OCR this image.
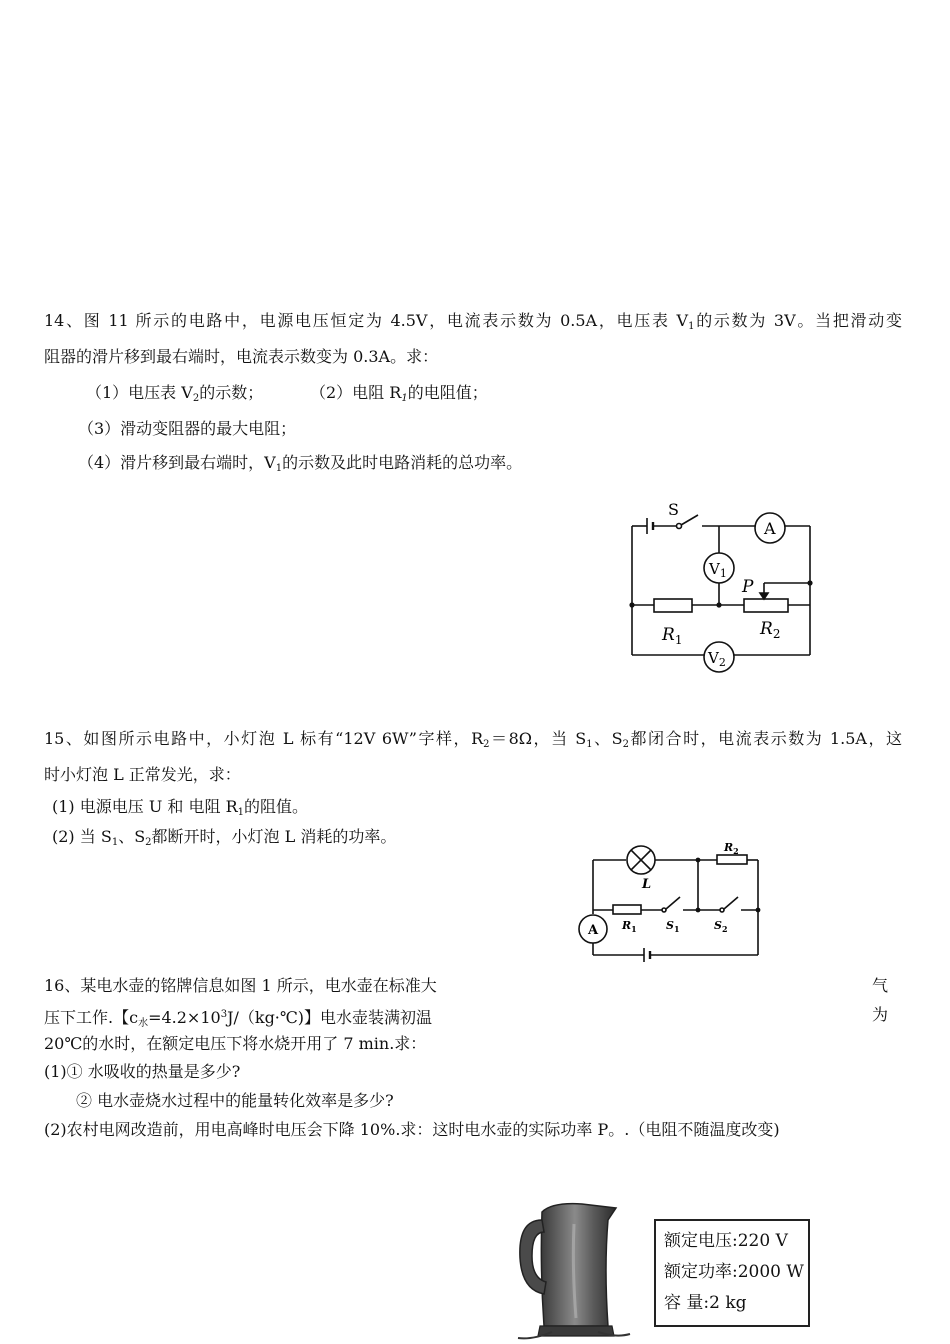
14、图 11 所示的电路中，电源电压恒定为 4.5V，电流表示数为 0.5A，电压表 $V_1$的示数为 3V。当把滑动变
阻器的滑片移到最右端时，电流表示数变为 0.3A。求：
（1）电压表 $V_2$的示数；	（2）电阻 $R_1$的电阻值；
（3）滑动变阻器的最大电阻；
（4）滑片移到最右端时，$V_1$的示数及此时电路消耗的总功率。
S
A
$V_1$
P
$R_1$
$R_2$
$V_2$
15、如图所示电路中，小灯泡 L 标有“12V 6W”字样，$R_2=8\Omega$，当 $S_1$、$S_2$都闭合时，电流表示数为 1.5A，这
时小灯泡 L 正常发光，求：
(1) 电源电压 U 和 电阻 $R_1$的阻值。
(2) 当 $S_1$、$S_2$都断开时，小灯泡 L 消耗的功率。
L
$R_2$
A $R_1$	$S_1$	$S_2$
16、某电水壶的铭牌信息如图 1 所示，电水壶在标准大	气
压下工作.【$c_水=4.2\times 10^3J/(kg\cdot℃)$】电水壶装满初温	为
20℃的水时，在额定电压下将水烧开用了 7 min.求：
(1)① 水吸收的热量是多少?
② 电水壶烧水过程中的能量转化效率是多少?
(2)农村电网改造前，用电高峰时电压会下降 10%.求：这时电水壶的实际功率 P。.（电阻不随温度改变)
额定电压:220 V
额定功率:2000 W
容 量:2 kg
